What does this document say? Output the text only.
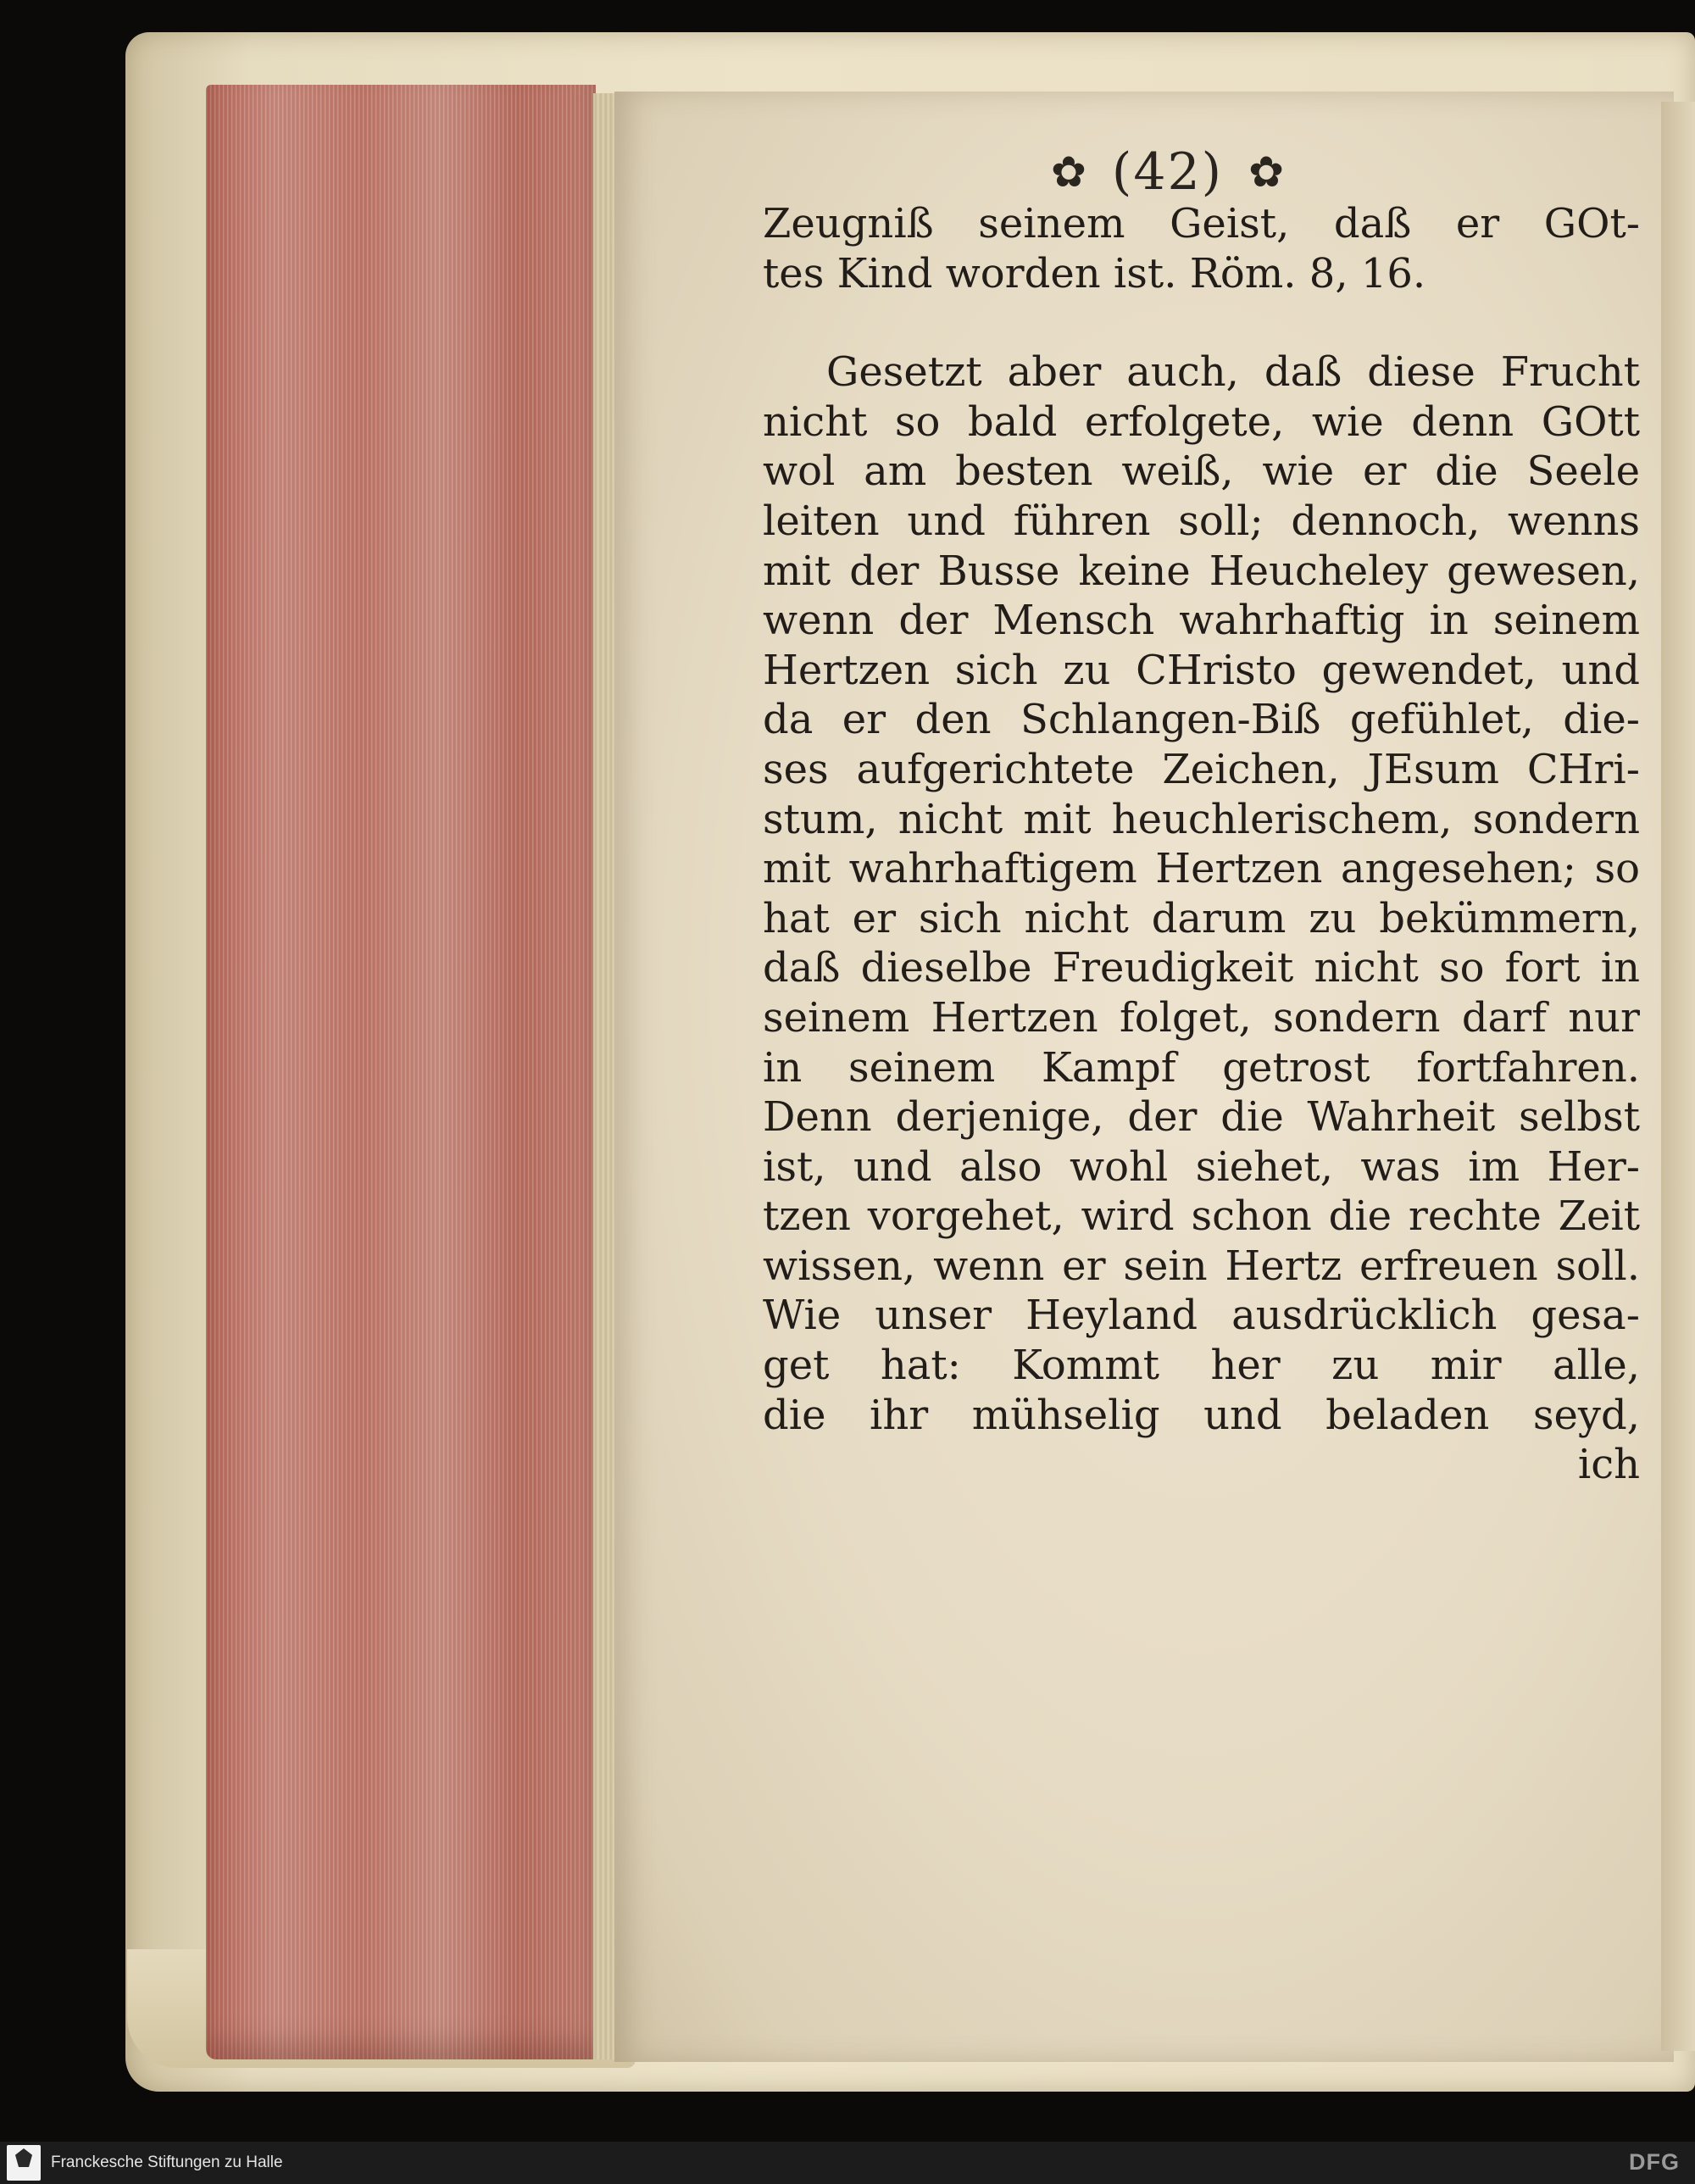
✿ (42) ✿
Zeugniß seinem Geist, daß er GOt-
tes Kind worden ist. Röm. 8, 16.
Gesetzt aber auch, daß diese Frucht
nicht so bald erfolgete, wie denn GOtt
wol am besten weiß, wie er die Seele
leiten und führen soll; dennoch, wenns
mit der Busse keine Heucheley gewesen,
wenn der Mensch wahrhaftig in seinem
Hertzen sich zu CHristo gewendet, und
da er den Schlangen-Biß gefühlet, die-
ses aufgerichtete Zeichen, JEsum CHri-
stum, nicht mit heuchlerischem, sondern
mit wahrhaftigem Hertzen angesehen; so
hat er sich nicht darum zu bekümmern,
daß dieselbe Freudigkeit nicht so fort in
seinem Hertzen folget, sondern darf nur
in seinem Kampf getrost fortfahren.
Denn derjenige, der die Wahrheit selbst
ist, und also wohl siehet, was im Her-
tzen vorgehet, wird schon die rechte Zeit
wissen, wenn er sein Hertz erfreuen soll.
Wie unser Heyland ausdrücklich gesa-
get hat: Kommt her zu mir alle,
die ihr mühselig und beladen seyd,
ich
Franckesche Stiftungen zu Halle	DFG
